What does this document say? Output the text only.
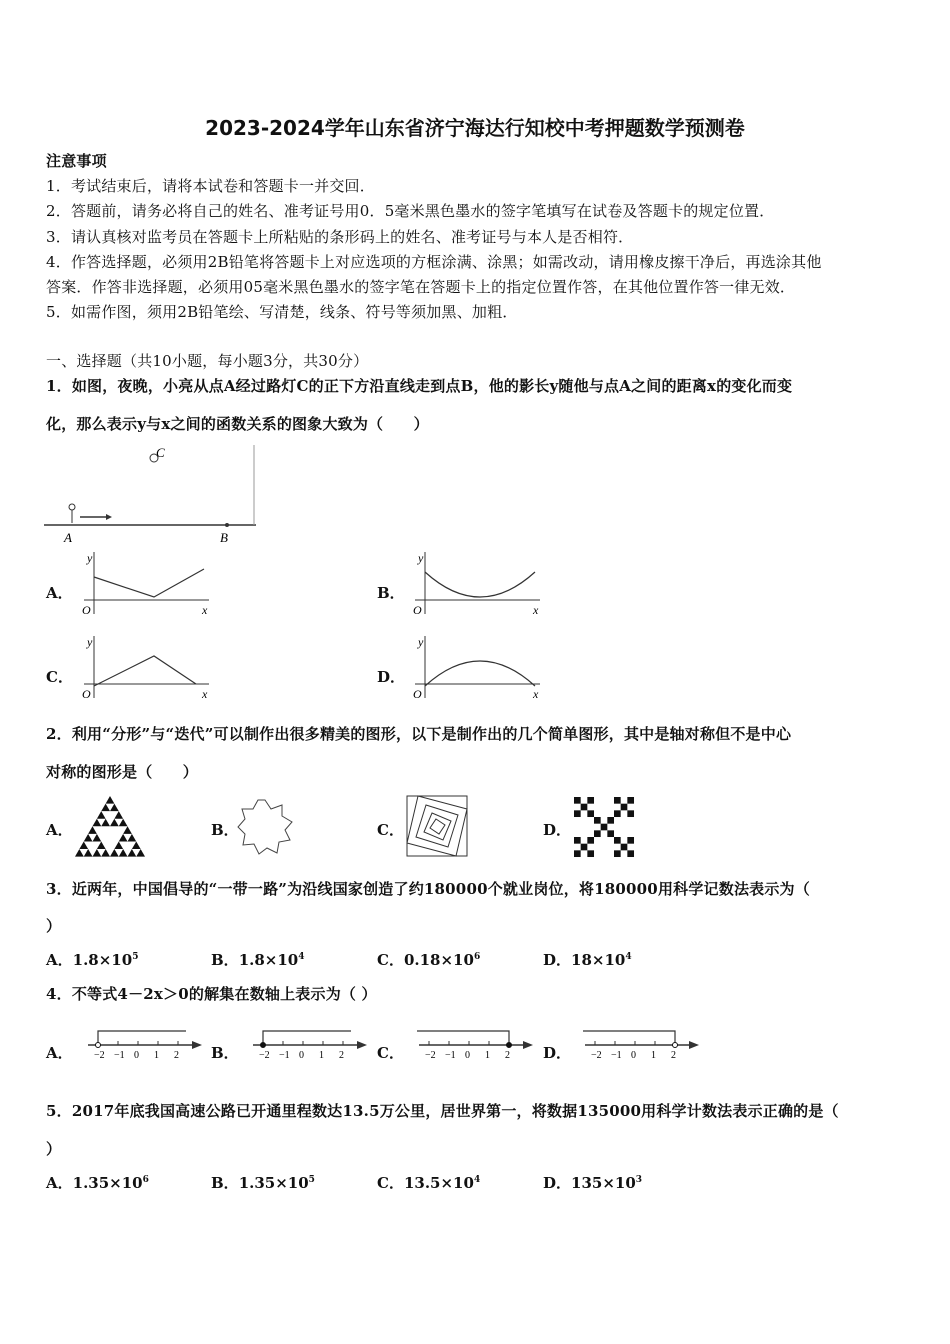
2023-2024学年山东省济宁海达行知校中考押题数学预测卷
注意事项
1．考试结束后，请将本试卷和答题卡一并交回．
2．答题前，请务必将自己的姓名、准考证号用0．5毫米黑色墨水的签字笔填写在试卷及答题卡的规定位置．
3．请认真核对监考员在答题卡上所粘贴的条形码上的姓名、准考证号与本人是否相符．
4．作答选择题，必须用2B铅笔将答题卡上对应选项的方框涂满、涂黑；如需改动，请用橡皮擦干净后，再选涂其他
答案．作答非选择题，必须用05毫米黑色墨水的签字笔在答题卡上的指定位置作答，在其他位置作答一律无效．
5．如需作图，须用2B铅笔绘、写清楚，线条、符号等须加黑、加粗．
一、选择题（共10小题，每小题3分，共30分）
1．如图，夜晚，小亮从点A经过路灯C的正下方沿直线走到点B，他的影长y随他与点A之间的距离x的变化而变
化，那么表示y与x之间的函数关系的图象大致为（　　）
C
A	B
2．利用“分形”与“迭代”可以制作出很多精美的图形，以下是制作出的几个简单图形，其中是轴对称但不是中心
对称的图形是（　　）
A．	B．	C．	D．
3．近两年，中国倡导的“一带一路”为沿线国家创造了约180000个就业岗位，将180000用科学记数法表示为（
）
4．不等式4－2x＞0的解集在数轴上表示为（ ）
5．2017年底我国高速公路已开通里程数达13.5万公里，居世界第一，将数据135000用科学计数法表示正确的是（
）
A．
y
x
O
B．
y
x
O
C．
y
x
O
D．
y
x
O
A．$1.8\times 10^5$	B．$1.8\times 10^4$	C．$0.18\times 10^6$	D．$18\times 10^4$
A．$1.35\times 10^6$	B．$1.35\times 10^5$	C．$13.5\times 10^4$	D．$135\times 10^3$
A． −2 −1 0 1 2 B． −2 −1 0 1 2 C． −2 −1 0 1 2 D． −2 −1 0 1 2
